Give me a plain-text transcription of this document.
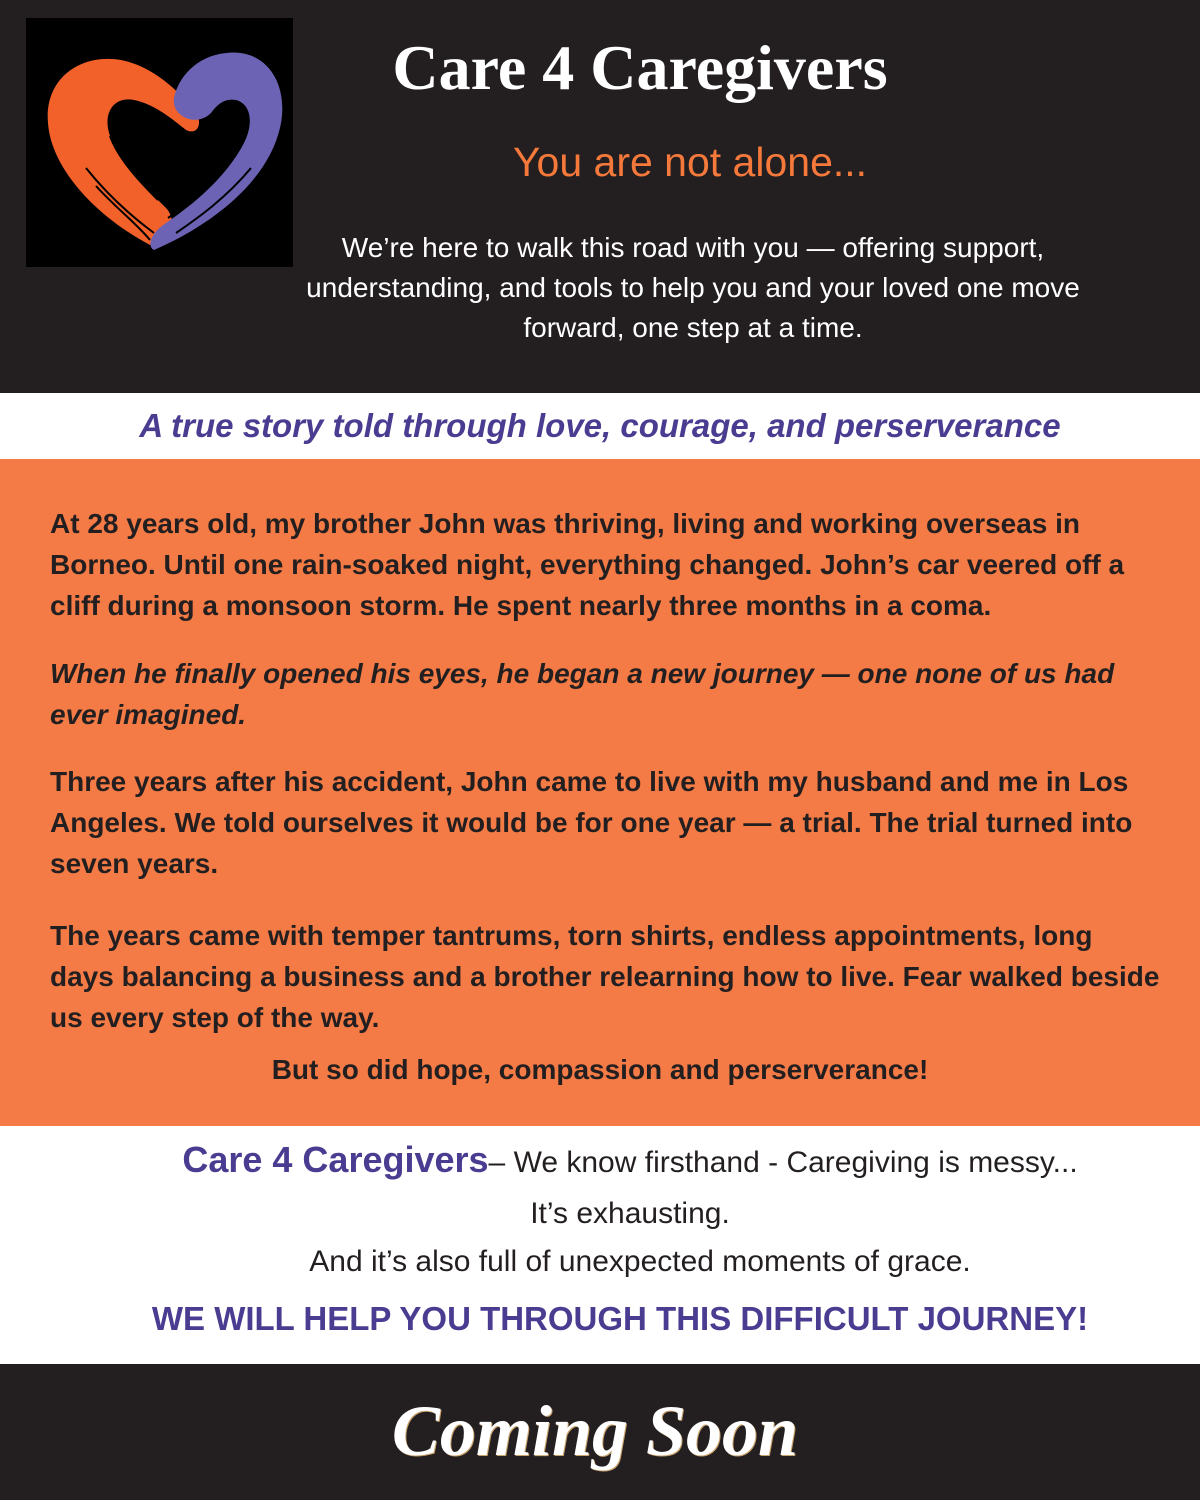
Care 4 Caregivers

You are not alone...

We’re here to walk this road with you — offering support, understanding, and tools to help you and your loved one move forward, one step at a time.

A true story told through love, courage, and perserverance

At 28 years old, my brother John was thriving, living and working overseas in Borneo. Until one rain-soaked night, everything changed. John’s car veered off a cliff during a monsoon storm. He spent nearly three months in a coma.

When he finally opened his eyes, he began a new journey — one none of us had ever imagined.

Three years after his accident, John came to live with my husband and me in Los Angeles. We told ourselves it would be for one year — a trial. The trial turned into seven years.

The years came with temper tantrums, torn shirts, endless appointments, long days balancing a business and a brother relearning how to live. Fear walked beside us every step of the way.

But so did hope, compassion and perserverance!

Care 4 Caregivers– We know firsthand - Caregiving is messy...

It’s exhausting.

And it’s also full of unexpected moments of grace.

WE WILL HELP YOU THROUGH THIS DIFFICULT JOURNEY!

Coming Soon
